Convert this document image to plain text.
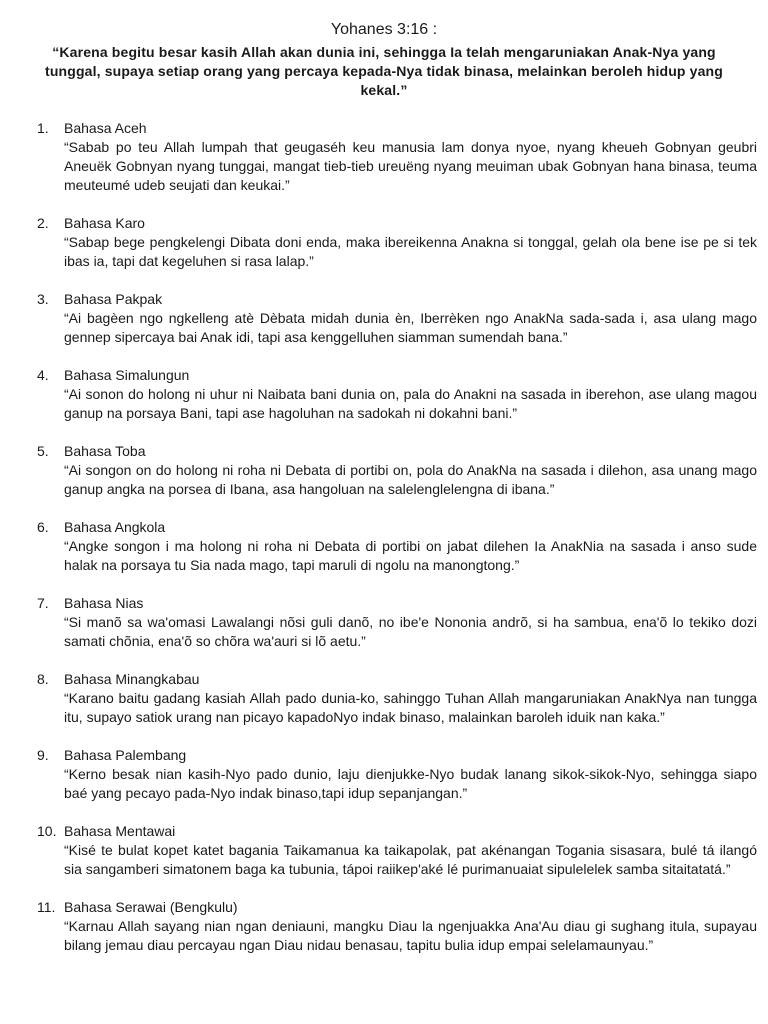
Yohanes 3:16 :
“Karena begitu besar kasih Allah akan dunia ini, sehingga Ia telah mengaruniakan Anak-Nya yang tunggal, supaya setiap orang yang percaya kepada-Nya tidak binasa, melainkan beroleh hidup yang kekal.”
1. Bahasa Aceh
“Sabab po teu Allah lumpah that geugaséh keu manusia lam donya nyoe, nyang kheueh Gobnyan geubri Aneuëk Gobnyan nyang tunggai, mangat tieb-tieb ureuëng nyang meuiman ubak Gobnyan hana binasa, teuma meuteumé udeb seujati dan keukai.”
2. Bahasa Karo
“Sabap bege pengkelengi Dibata doni enda, maka ibereikenna Anakna si tonggal, gelah ola bene ise pe si tek ibas ia, tapi dat kegeluhen si rasa lalap.”
3. Bahasa Pakpak
“Ai bagèen ngo ngkelleng atè Dèbata midah dunia èn, Iberrèken ngo AnakNa sada-sada i, asa ulang mago gennep sipercaya bai Anak idi, tapi asa kenggelluhen siamman sumendah bana.”
4. Bahasa Simalungun
“Ai sonon do holong ni uhur ni Naibata bani dunia on, pala do Anakni na sasada in iberehon, ase ulang magou ganup na porsaya Bani, tapi ase hagoluhan na sadokah ni dokahni bani.”
5. Bahasa Toba
“Ai songon on do holong ni roha ni Debata di portibi on, pola do AnakNa na sasada i dilehon, asa unang mago ganup angka na porsea di Ibana, asa hangoluan na salelenglelengna di ibana.”
6. Bahasa Angkola
“Angke songon i ma holong ni roha ni Debata di portibi on jabat dilehen Ia AnakNia na sasada i anso sude halak na porsaya tu Sia nada mago, tapi maruli di ngolu na manongtong.”
7. Bahasa Nias
“Si manõ sa wa'omasi Lawalangi nõsi guli danõ, no ibe'e Nononia andrõ, si ha sambua, ena'õ lo tekiko dozi samati chõnia, ena'õ so chõra wa'auri si lõ aetu.”
8. Bahasa Minangkabau
“Karano baitu gadang kasiah Allah pado dunia-ko, sahinggo Tuhan Allah mangaruniakan AnakNya nan tungga itu, supayo satiok urang nan picayo kapadoNyo indak binaso, malainkan baroleh iduik nan kaka.”
9. Bahasa Palembang
“Kerno besak nian kasih-Nyo pado dunio, laju dienjukke-Nyo budak lanang sikok-sikok-Nyo, sehingga siapo baé yang pecayo pada-Nyo indak binaso,tapi idup sepanjangan.”
10. Bahasa Mentawai
“Kisé te bulat kopet katet bagania Taikamanua ka taikapolak, pat akénangan Togania sisasara, bulé tá ilangó sia sangamberi simatonem baga ka tubunia, tápoi raiikep'aké lé purimanuaiat sipulelelek samba sitaitatatá.”
11. Bahasa Serawai (Bengkulu)
“Karnau Allah sayang nian ngan deniauni, mangku Diau la ngenjuakka Ana'Au diau gi sughang itula, supayau bilang jemau diau percayau ngan Diau nidau benasau, tapitu bulia idup empai selelamaunyau.”
